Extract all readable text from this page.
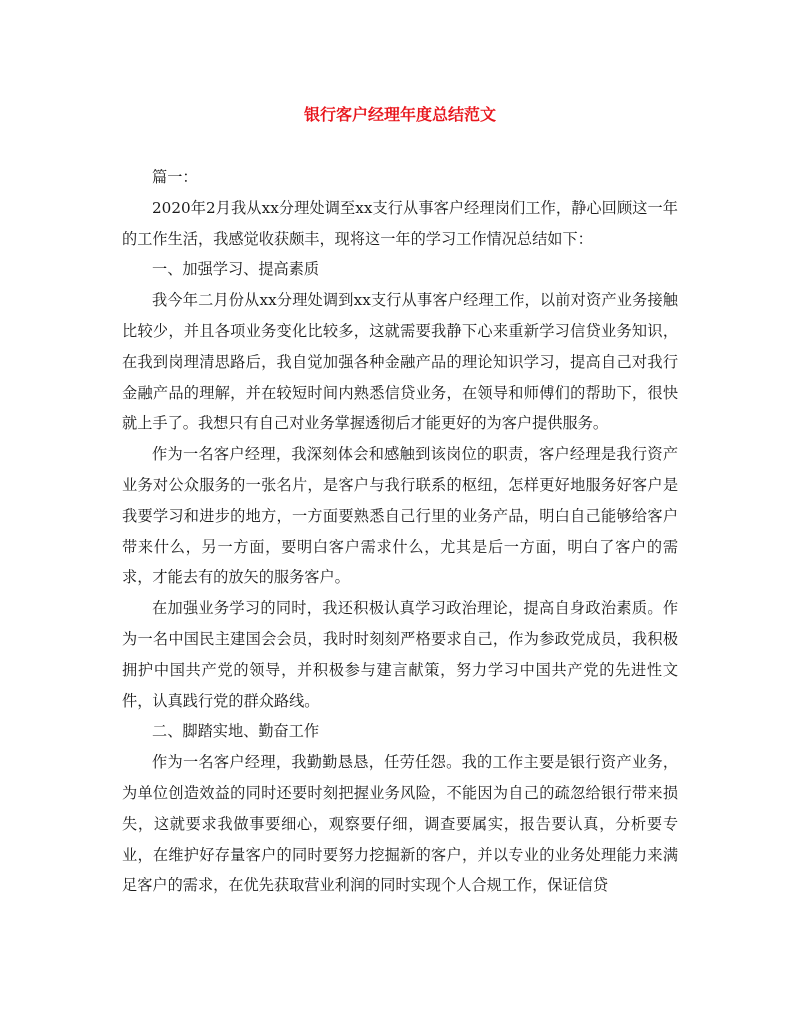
银行客户经理年度总结范文

篇一：

2020年2月我从xx分理处调至xx支行从事客户经理岗们工作，静心回顾这一年的工作生活，我感觉收获颇丰，现将这一年的学习工作情况总结如下：

一、加强学习、提高素质

我今年二月份从xx分理处调到xx支行从事客户经理工作，以前对资产业务接触比较少，并且各项业务变化比较多，这就需要我静下心来重新学习信贷业务知识，在我到岗理清思路后，我自觉加强各种金融产品的理论知识学习，提高自己对我行金融产品的理解，并在较短时间内熟悉信贷业务，在领导和师傅们的帮助下，很快就上手了。我想只有自己对业务掌握透彻后才能更好的为客户提供服务。

作为一名客户经理，我深刻体会和感触到该岗位的职责，客户经理是我行资产业务对公众服务的一张名片，是客户与我行联系的枢纽，怎样更好地服务好客户是我要学习和进步的地方，一方面要熟悉自己行里的业务产品，明白自己能够给客户带来什么，另一方面，要明白客户需求什么，尤其是后一方面，明白了客户的需求，才能去有的放矢的服务客户。

在加强业务学习的同时，我还积极认真学习政治理论，提高自身政治素质。作为一名中国民主建国会会员，我时时刻刻严格要求自己，作为参政党成员，我积极拥护中国共产党的领导，并积极参与建言献策，努力学习中国共产党的先进性文件，认真践行党的群众路线。

二、脚踏实地、勤奋工作

作为一名客户经理，我勤勤恳恳，任劳任怨。我的工作主要是银行资产业务，为单位创造效益的同时还要时刻把握业务风险，不能因为自己的疏忽给银行带来损失，这就要求我做事要细心，观察要仔细，调查要属实，报告要认真，分析要专业，在维护好存量客户的同时要努力挖掘新的客户，并以专业的业务处理能力来满足客户的需求，在优先获取营业利润的同时实现个人合规工作，保证信贷
